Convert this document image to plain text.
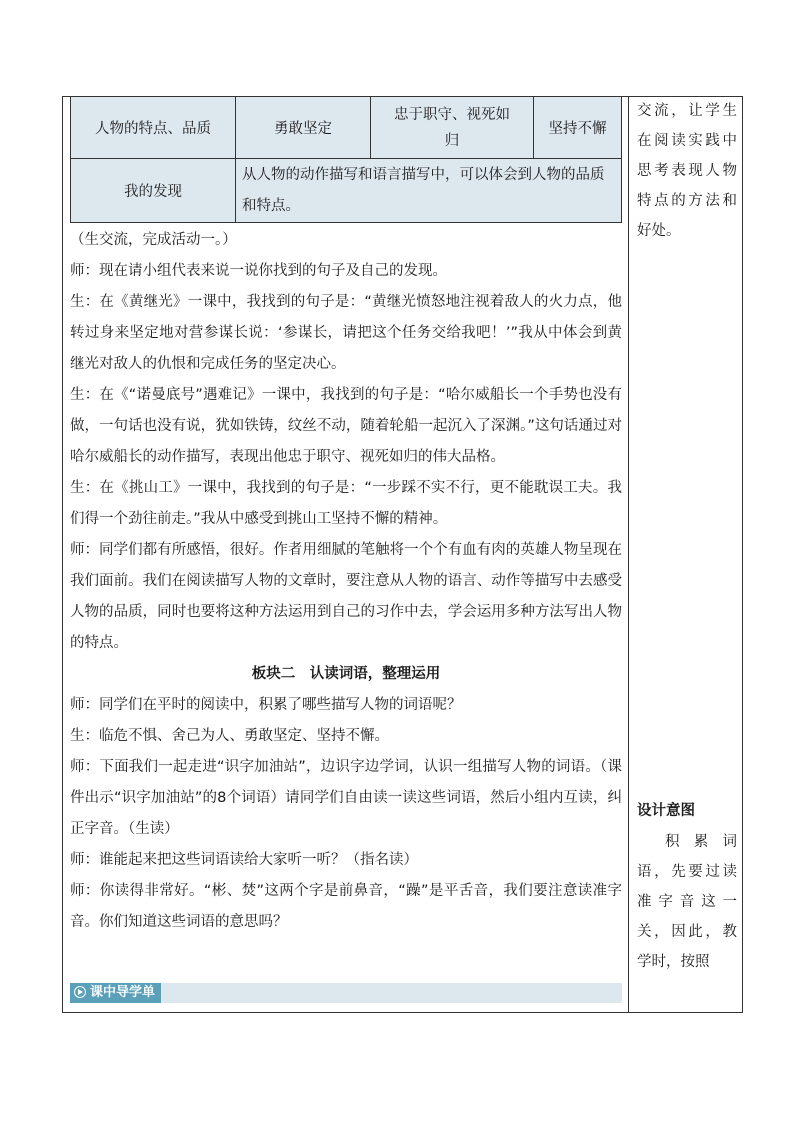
人物的特点、品质	勇敢坚定	忠于职守、视死如归	坚持不懈
我的发现	从人物的动作描写和语言描写中，可以体会到人物的品质和特点。		

（生交流，完成活动一。）

师：现在请小组代表来说一说你找到的句子及自己的发现。

生：在《黄继光》一课中，我找到的句子是：“黄继光愤怒地注视着敌人的火力点，他转过身来坚定地对营参谋长说：‘参谋长，请把这个任务交给我吧！’”我从中体会到黄继光对敌人的仇恨和完成任务的坚定决心。

生：在《“诺曼底号”遇难记》一课中，我找到的句子是：“哈尔威船长一个手势也没有做，一句话也没有说，犹如铁铸，纹丝不动，随着轮船一起沉入了深渊。”这句话通过对哈尔威船长的动作描写，表现出他忠于职守、视死如归的伟大品格。

生：在《挑山工》一课中，我找到的句子是：“一步踩不实不行，更不能耽误工夫。我们得一个劲往前走。”我从中感受到挑山工坚持不懈的精神。

师：同学们都有所感悟，很好。作者用细腻的笔触将一个个有血有肉的英雄人物呈现在我们面前。我们在阅读描写人物的文章时，要注意从人物的语言、动作等描写中去感受人物的品质，同时也要将这种方法运用到自己的习作中去，学会运用多种方法写出人物的特点。

板块二　认读词语，整理运用

师：同学们在平时的阅读中，积累了哪些描写人物的词语呢？

生：临危不惧、舍己为人、勇敢坚定、坚持不懈。

师：下面我们一起走进“识字加油站”，边识字边学词，认识一组描写人物的词语。（课件出示“识字加油站”的8个词语）请同学们自由读一读这些词语，然后小组内互读，纠正字音。（生读）

师：谁能起来把这些词语读给大家听一听？（指名读）

师：你读得非常好。“彬、焚”这两个字是前鼻音，“躁”是平舌音，我们要注意读准字音。你们知道这些词语的意思吗？

课中导学单

交流，让学生在阅读实践中思考表现人物特点的方法和好处。

设计意图

积累词语，先要过读准字音这一关，因此，教学时，按照
